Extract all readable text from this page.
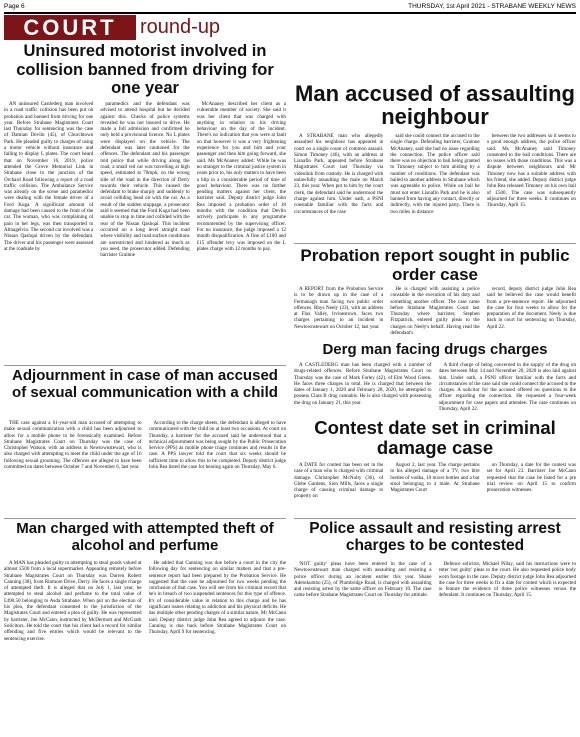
Page 6	THURSDAY, 1st April 2021 - STRABANE WEEKLY NEWS
COURT	round-up
Uninsured motorist involved in collision banned from driving for one year

AN uninsured Castlederg man involved in a road traffic collision has been put on probation and banned from driving for one year. Before Strabane Magistrates Court last Thursday for sentencing was the case of Damian Devlin (45), of Churchtown Park. He pleaded guilty to charges of using a motor vehicle without insurance and failing to display L plates. The court heard that on November 16, 2019, police attended the Grove Memorial Link in Strabane close to the junction of the Orchard Road following a report of a road traffic collision. The Ambulance Service was already on the scene and paramedics were dealing with the female driver of a Ford Kuga. A significant amount of damage had been caused to the front of the car. The woman, who was complaining of pain in her legs, was then transported to Altnagelvin. The second car involved was a Nissan Qashqai driven by the defendant. The driver and his passenger were assessed at the roadside by

paramedics and the defendant was advised to attend hospital but he decided against this. Checks of police systems revealed he was not insured to drive. He made a full admission and confirmed he only held a provisional licence. No L plates were displayed on the vehicle. The defendant was later cautioned for the offences. The defendant and his passenger told police that while driving along the road, a small red car was travelling at high speed, estimated at 70mph, on the wrong side of the road in the direction of Derry towards their vehicle. This caused the defendant to brake sharply and suddenly to avoid colliding head on with the car. As a result of the sudden stoppage, a prosecutor said it seemed that the Ford Kuga had been unable to stop in time and collided with the rear of the Nissan Qashqai. This incident occurred on a long level straight road where visibility and road surface conditions are unrestricted and hindered as much as you need, the prosecutor added. Defending barrister Grainne

McAnaney described her client as a vulnerable member of society. She said it was her client that was charged with anything in relation to his driving behaviour on the day of the incident. There's no indication that you were at fault on that however it was a very frightening experience for you and him and your passenger and then him going forward, she said. Ms McAnaney added: While he was no stranger to the criminal justice system in years prior to, his only matters to have been a blip in a considerable period of time of good behaviour. There was no further pending matters against her client, the barrister said. Deputy district judge John Rea imposed a probation order of 18 months with the condition that Devlin actively participate in any programme recommended by the supervising officer. For no insurance, the judge imposed a 12 month disqualification. A fine of £100 and £15 offender levy was imposed on the L plates charge with 12 months to pay.

Man accused of assaulting neighbour

A STRABANE man who allegedly assaulted his neighbour has appeared in court on a single count of common assault. Simon Timoney (46), with an address at Lisnafin Park, appeared before Strabane Magistrates Court last Thursday via videolink from custody. He is charged with unlawfully assaulting the male on March 23, this year. When put to him by the court clerk, the defendant said he understood the charge against him. Under oath, a PSNI constable familiar with the facts and circumstances of the case

said she could connect the accused to the single charge. Defending barrister, Grainne McAnaney, said she had no issue regarding the connection. The police officer said there was no objection to bail being granted to Timoney subject to him abiding by a number of conditions. The defendant was bailed to another address in Strabane which was agreeable to police. While on bail he must not enter Lisnafin Park and he is also banned from having any contact, directly or indirectly, with the injured party. There is two miles in distance

between the two addresses so it seems to a good enough address, the police officer said. Ms McAnaney said Timoney consented to the bail conditions. There are no issues with those conditions. This was a dispute between neighbours and Mr Timoney now has a suitable address with his friend, she added. Deputy district judge John Rea released Timoney on his own bail of £500. The case was subsequently adjourned for three weeks. It continues on Thursday, April 15.

Probation report sought in public order case

A REPORT from the Probation Service is to be drawn up in the case of a Fermanagh man facing two public order offences. Rhys Neely (23), with an address at Flax Valley, Irvinestown, faces two charges pertaining to an incident in Newtownstewart on October 12, last year.

He is charged with assisting a police constable in the execution of his duty and something another officer. The case came before Strabane Magistrates Court last Thursday where barrister, Stephen Fitzpatrick, entered guilty pleas to the charges on Neely's behalf. Having read the defendant's

record, deputy district judge John Rea said he believed the case would benefit from a pre-sentence report. He adjourned the case for four weeks to allow for the preparation of the document. Neely is due back in court for sentencing on Thursday, April 22.

Derg man facing drugs charges

A CASTLEDERG man has been charged with a number of drugs-related offences. Before Strabane Magistrates Court on Thursday was the case of Mark Farley (42), of Elm Wood Green. He faces three charges in total. He is charged that between the dates of January 1, 2020 and February 28, 2020, he attempted to possess Class B drug cannabis. He is also charged with possessing the drug on January 21, this year.

A third charge of being concerned in the supply of the drug on dates between May 14 and November 20, 2020 is also laid against him. Under oath, a PSNI officer familiar with the facts and circumstances of the case said she could connect the accused to the charges. A solicitor for the accused offered no questions to the officer regarding the connection. He requested a four-week adjournment for case papers and attendee. The case continues on Thursday, April 22.

Adjournment in case of man accused of sexual communication with a child

THE case against a 61-year-old man accused of attempting to make sexual communication with a child has been adjourned to allow for a mobile phone to be forensically examined. Before Strabane Magistrates Court on Thursday was the case of Christopher Watson, with an address in Newtownstewart, who is also charged with attempting to meet the child under the age of 16 following sexual grooming. The offences are alleged to have been committed on dates between October 7 and November 6, last year.

According to the charge sheets, the defendant is alleged to have communicated with the child on at least two occasions. At court on Thursday, a barrister for the accused said he understood that a technical adjournment was being sought by the Public Prosecution Service (PPS) as mobile phone triage continues and results in the case. A PPS lawyer told the court that six weeks should be sufficient time to allow this to be completed. Deputy district judge John Rea listed the case for hearing again on Thursday, May 6.

Contest date set in criminal damage case

A DATE for contest has been set in the case of a man who is charged with criminal damage. Christopher McNulty (36), of Glebe Gardens, Sion Mills, faces a single charge of causing criminal damage to property on

August 2, last year. The charge pertains to his alleged damage of a TV, two litre bottles of vodka, 10 mixer bottles and a bar stool belonging to a male. At Strabane Magistrates Court

on Thursday, a date for the contest was set for April 23. Barrister Joe McCann requested that the case be listed for a pre trial review on April 15 to confirm prosecution witnesses.

Man charged with attempted theft of alcohol and perfume

A MAN has pleaded guilty to attempting to steal goods valued at almost £500 from a local supermarket. Appearing remotely before Strabane Magistrates Court on Thursday was Darren Robert Canning (38), from Rinmore Drive, Derry. He faces a single charge of attempted theft. It is alleged that on July 1, last year, he attempted to steal alcohol and perfume to the total value of £490.50 belonging to Asda Strabane. When put on the election of his plea, the defendant consented to the jurisdiction of the Magistrates Court and entered a plea of guilty. He was represented by barrister, Joe McCann, instructed by McDermott and McGrath Solicitors. He told the court that his client had a record for similar offending and five entries which would be relevant to the sentencing exercise.

He added that Canning was due before a court in the city the following day for sentencing on similar matters and that a pre-sentence report had been prepared by the Probation Service. He suggested that the case be adjourned for two weeks pending the conclusion of that case. You will see from his criminal record that he's in breach of two suspended sentences for this type of offence. It's of considerable value in relation to this charge and he has significant issues relating to addiction and his physical deficits. He has multiple other pending charges of a similar nature, Mr McCann said. Deputy district judge John Rea agreed to adjourn the case. Canning is due back before Strabane Magistrates Court on Thursday, April 9 for sentencing.

Police assault and resisting arrest charges to be contested

'NOT guilty' pleas have been entered in the case of a Newtownstewart man charged with assaulting and resisting a police officer during an incident earlier this year. Shane Adetokumbo (25), of Plumbridge Road, is charged with assaulting and resisting arrest by the same officer on February 10. The case came before Strabane Magistrates Court on Thursday for attitude.

Defence solicitor, Michael Pillay, said his instructions were to enter 'not guilty' pleas to the court. He also requested police body worn footage in the case. Deputy district judge John Rea adjourned the case for three weeks to fix a date for contest which is expected to feature the evidence of three police witnesses versus the defendant. It continues on Thursday, April 15.
